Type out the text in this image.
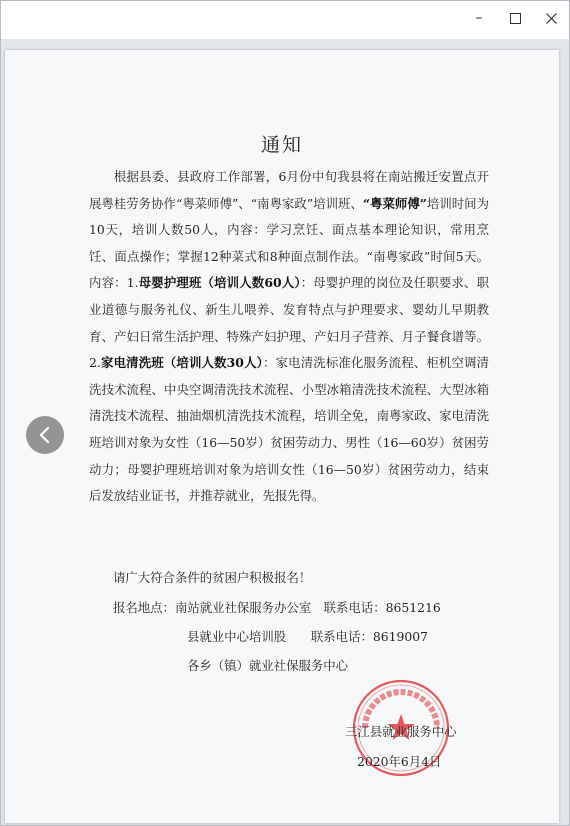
–
通知

根据县委、县政府工作部署，6月份中旬我县将在南站搬迁安置点开展粤桂劳务协作“粤菜师傅”、“南粤家政”培训班、“粤菜师傅”培训时间为10天，培训人数50人，内容：学习烹饪、面点基本理论知识，常用烹饪、面点操作；掌握12种菜式和8种面点制作法。“南粤家政”时间5天。内容：1.母婴护理班（培训人数60人）：母婴护理的岗位及任职要求、职业道德与服务礼仪、新生儿喂养、发育特点与护理要求、婴幼儿早期教育、产妇日常生活护理、特殊产妇护理、产妇月子营养、月子餐食谱等。2.家电清洗班（培训人数30人）：家电清洗标准化服务流程、柜机空调清洗技术流程、中央空调清洗技术流程、小型冰箱清洗技术流程、大型冰箱清洗技术流程、抽油烟机清洗技术流程，培训全免，南粤家政、家电清洗班培训对象为女性（16—50岁）贫困劳动力、男性（16—60岁）贫困劳动力；母婴护理班培训对象为培训女性（16—50岁）贫困劳动力，结束后发放结业证书，并推荐就业，先报先得。

请广大符合条件的贫困户积极报名！
报名地点：南站就业社保服务办公室　联系电话：8651216
县就业中心培训股　　联系电话：8619007
各乡（镇）就业社保服务中心
三江县就业服务中心
2020年6月4日
